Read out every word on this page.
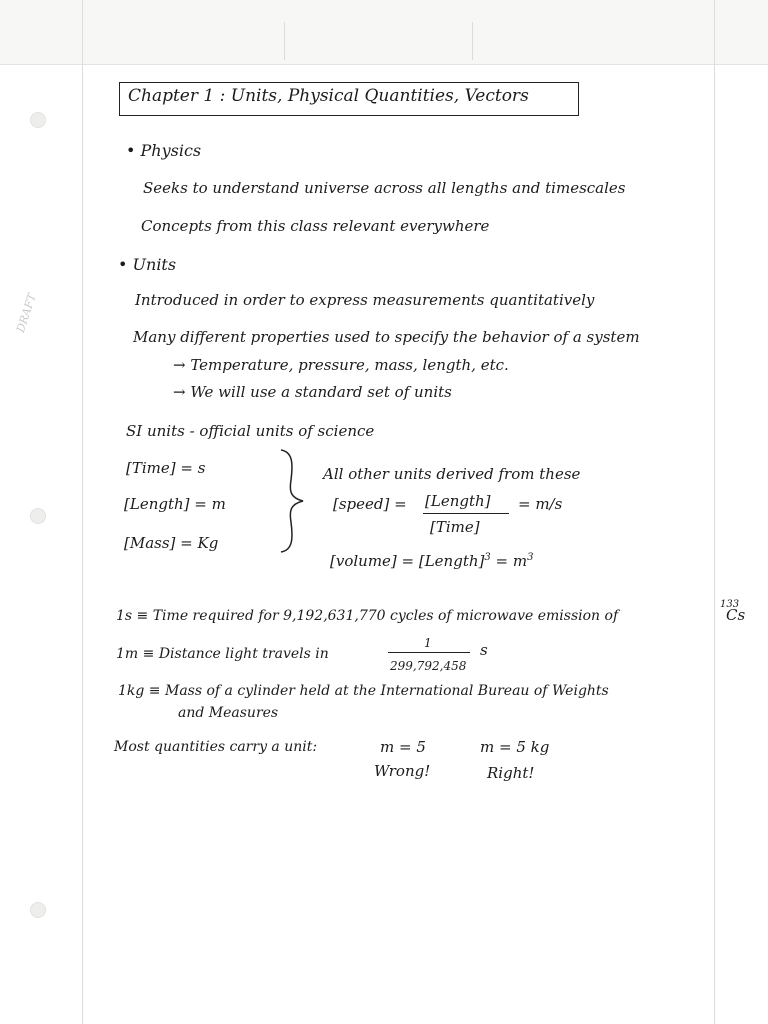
DRAFT
Chapter 1 : Units, Physical Quantities, Vectors
• Physics
Seeks to understand universe across all lengths and timescales
Concepts from this class relevant everywhere
• Units
Introduced in order to express measurements quantitatively
Many different properties used to specify the behavior of a system
→ Temperature, pressure, mass, length, etc.
→ We will use a standard set of units
SI units - official units of science
[Time] = s
[Length] = m
[Mass] = Kg
All other units derived from these
[speed] = [Length]
[Time]
= m/s
[volume] = [Length]$^3$ = $m^3$
1s ≡ Time required for 9,192,631,770 cycles of microwave emission of
133
Cs
1m ≡ Distance light travels in
1
299,792,458
s
1kg ≡ Mass of a cylinder held at the International Bureau of Weights
and Measures
Most quantities carry a unit:	m = 5
Wrong!
m = 5 kg
Right!
